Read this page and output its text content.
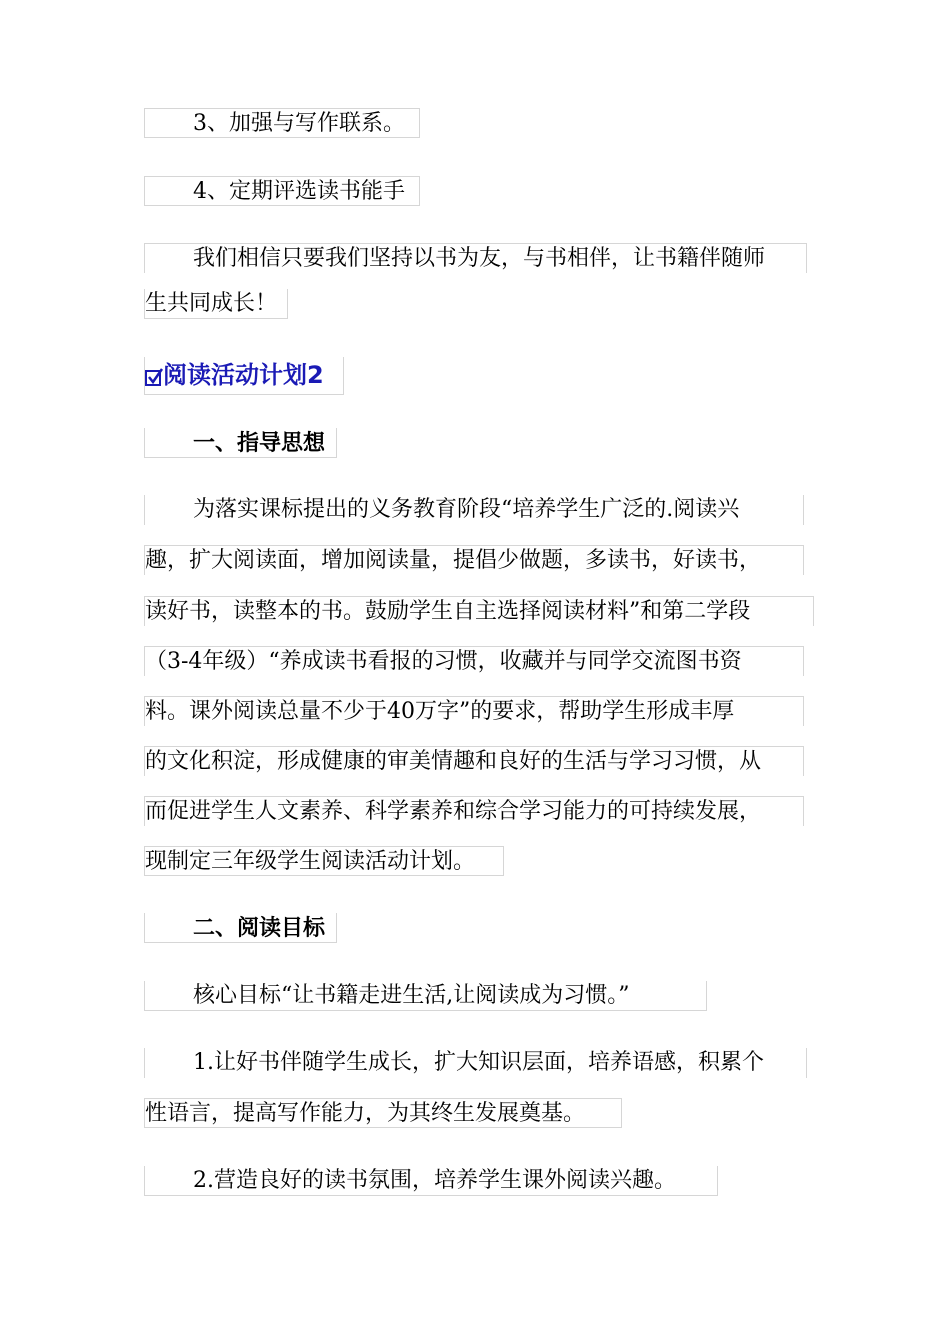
3、加强与写作联系。
4、定期评选读书能手
我们相信只要我们坚持以书为友，与书相伴，让书籍伴随师
生共同成长！
阅读活动计划2
一、指导思想
为落实课标提出的义务教育阶段“培养学生广泛的.阅读兴
趣，扩大阅读面，增加阅读量，提倡少做题，多读书，好读书，
读好书，读整本的书。鼓励学生自主选择阅读材料”和第二学段
（3-4年级）“养成读书看报的习惯，收藏并与同学交流图书资
料。课外阅读总量不少于40万字”的要求，帮助学生形成丰厚
的文化积淀，形成健康的审美情趣和良好的生活与学习习惯，从
而促进学生人文素养、科学素养和综合学习能力的可持续发展，
现制定三年级学生阅读活动计划。
二、阅读目标
核心目标“让书籍走进生活,让阅读成为习惯。”
1.让好书伴随学生成长，扩大知识层面，培养语感，积累个
性语言，提高写作能力，为其终生发展奠基。
2.营造良好的读书氛围，培养学生课外阅读兴趣。
